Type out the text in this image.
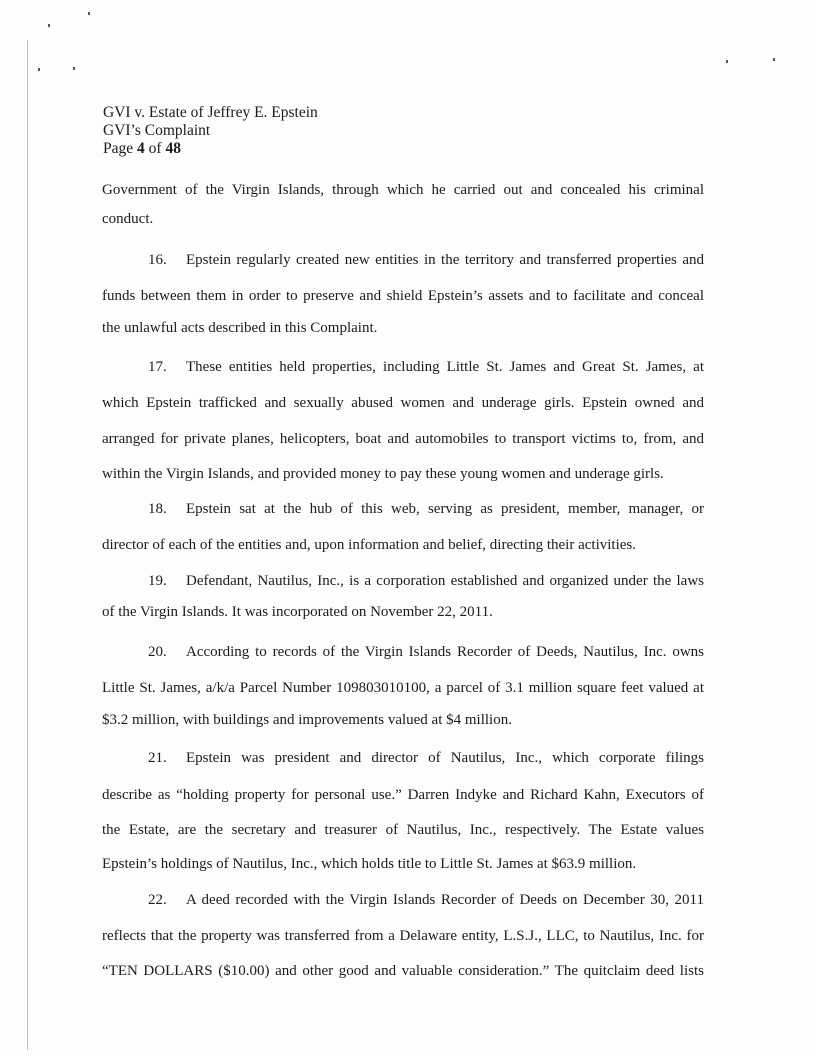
GVI v. Estate of Jeffrey E. Epstein
GVI’s Complaint
Page 4 of 48
Government of the Virgin Islands, through which he carried out and concealed his criminal
conduct.
16. Epstein regularly created new entities in the territory and transferred properties and
funds between them in order to preserve and shield Epstein’s assets and to facilitate and conceal
the unlawful acts described in this Complaint.
17. These entities held properties, including Little St. James and Great St. James, at
which Epstein trafficked and sexually abused women and underage girls. Epstein owned and
arranged for private planes, helicopters, boat and automobiles to transport victims to, from, and
within the Virgin Islands, and provided money to pay these young women and underage girls.
18. Epstein sat at the hub of this web, serving as president, member, manager, or
director of each of the entities and, upon information and belief, directing their activities.
19. Defendant, Nautilus, Inc., is a corporation established and organized under the laws
of the Virgin Islands. It was incorporated on November 22, 2011.
20. According to records of the Virgin Islands Recorder of Deeds, Nautilus, Inc. owns
Little St. James, a/k/a Parcel Number 109803010100, a parcel of 3.1 million square feet valued at
$3.2 million, with buildings and improvements valued at $4 million.
21. Epstein was president and director of Nautilus, Inc., which corporate filings
describe as “holding property for personal use.” Darren Indyke and Richard Kahn, Executors of
the Estate, are the secretary and treasurer of Nautilus, Inc., respectively. The Estate values
Epstein’s holdings of Nautilus, Inc., which holds title to Little St. James at $63.9 million.
22. A deed recorded with the Virgin Islands Recorder of Deeds on December 30, 2011
reflects that the property was transferred from a Delaware entity, L.S.J., LLC, to Nautilus, Inc. for
“TEN DOLLARS ($10.00) and other good and valuable consideration.” The quitclaim deed lists
